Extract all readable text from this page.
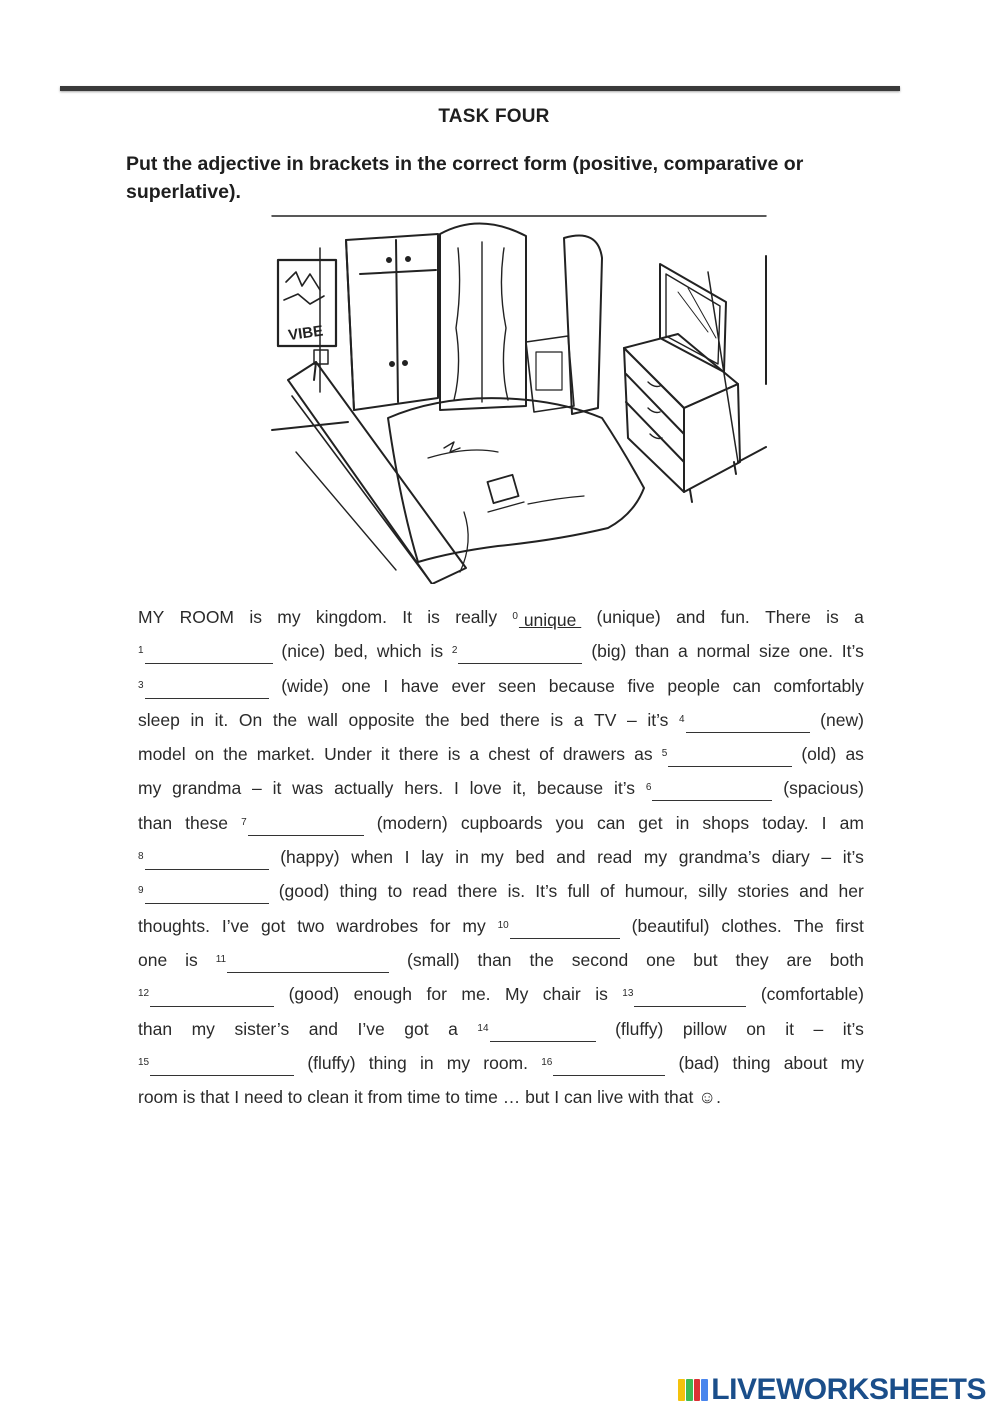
TASK FOUR
Put the adjective in brackets in the correct form (positive, comparative or superlative).
VIBE
MY ROOM is my kingdom. It is really 0 unique (unique) and fun. There is a
1	(nice) bed, which is 2	(big) than a normal size one. It’s
3	(wide) one I have ever seen because five people can comfortably
sleep in it. On the wall opposite the bed there is a TV – it’s 4	(new)
model on the market. Under it there is a chest of drawers as 5	(old) as
my grandma – it was actually hers. I love it, because it’s 6	(spacious)
than these 7	(modern) cupboards you can get in shops today. I am
8	(happy) when I lay in my bed and read my grandma’s diary – it’s
9	(good) thing to read there is. It’s full of humour, silly stories and her
thoughts. I’ve got two wardrobes for my 10	(beautiful) clothes. The first
one is 11	(small) than the second one but they are both
12	(good) enough for me. My chair is 13	(comfortable)
than my sister’s and I’ve got a 14	(fluffy) pillow on it – it’s
15	(fluffy) thing in my room. 16	(bad) thing about my
room is that I need to clean it from time to time … but I can live with that ☺.
LIVEWORKSHEETS
